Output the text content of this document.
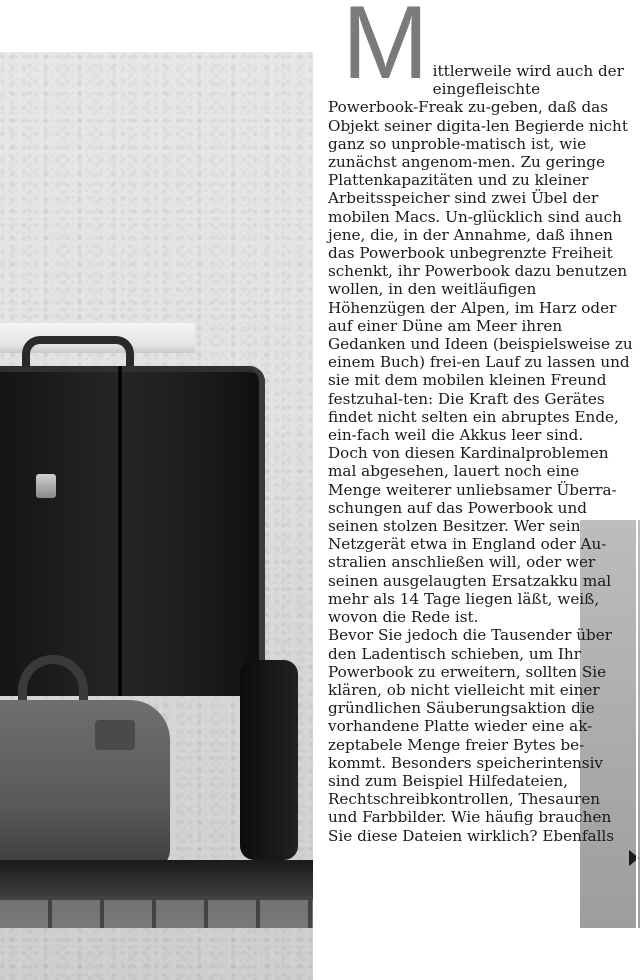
M ittlerweile wird auch der eingefleischte Powerbook-Freak zu-geben, daß das Objekt seiner digita-len Begierde nicht ganz so unproble-matisch ist, wie zunächst angenom-men. Zu geringe Plattenkapazitäten und zu kleiner Arbeitsspeicher sind zwei Übel der mobilen Macs. Un-glücklich sind auch jene, die, in der Annahme, daß ihnen das Powerbook unbegrenzte Freiheit schenkt, ihr Powerbook dazu benutzen wollen, in den weitläufigen Höhenzügen der Alpen, im Harz oder auf einer Düne am Meer ihren Gedanken und Ideen (beispielsweise zu einem Buch) frei-en Lauf zu lassen und sie mit dem mobilen kleinen Freund festzuhal-ten: Die Kraft des Gerätes findet nicht selten ein abruptes Ende, ein-fach weil die Akkus leer sind.
Doch von diesen Kardinalproblemen mal abgesehen, lauert noch eine Menge weiterer unliebsamer Überra-schungen auf das Powerbook und seinen stolzen Besitzer. Wer sein Netzgerät etwa in England oder Au-stralien anschließen will, oder wer seinen ausgelaugten Ersatzakku mal mehr als 14 Tage liegen läßt, weiß, wovon die Rede ist.
Bevor Sie jedoch die Tausender über den Ladentisch schieben, um Ihr Powerbook zu erweitern, sollten Sie klären, ob nicht vielleicht mit einer gründlichen Säuberungsaktion die vorhandene Platte wieder eine ak-zeptabele Menge freier Bytes be-kommt. Besonders speicherintensiv sind zum Beispiel Hilfedateien, Rechtschreibkontrollen, Thesauren und Farbbilder. Wie häufig brauchen Sie diese Dateien wirklich? Ebenfalls
